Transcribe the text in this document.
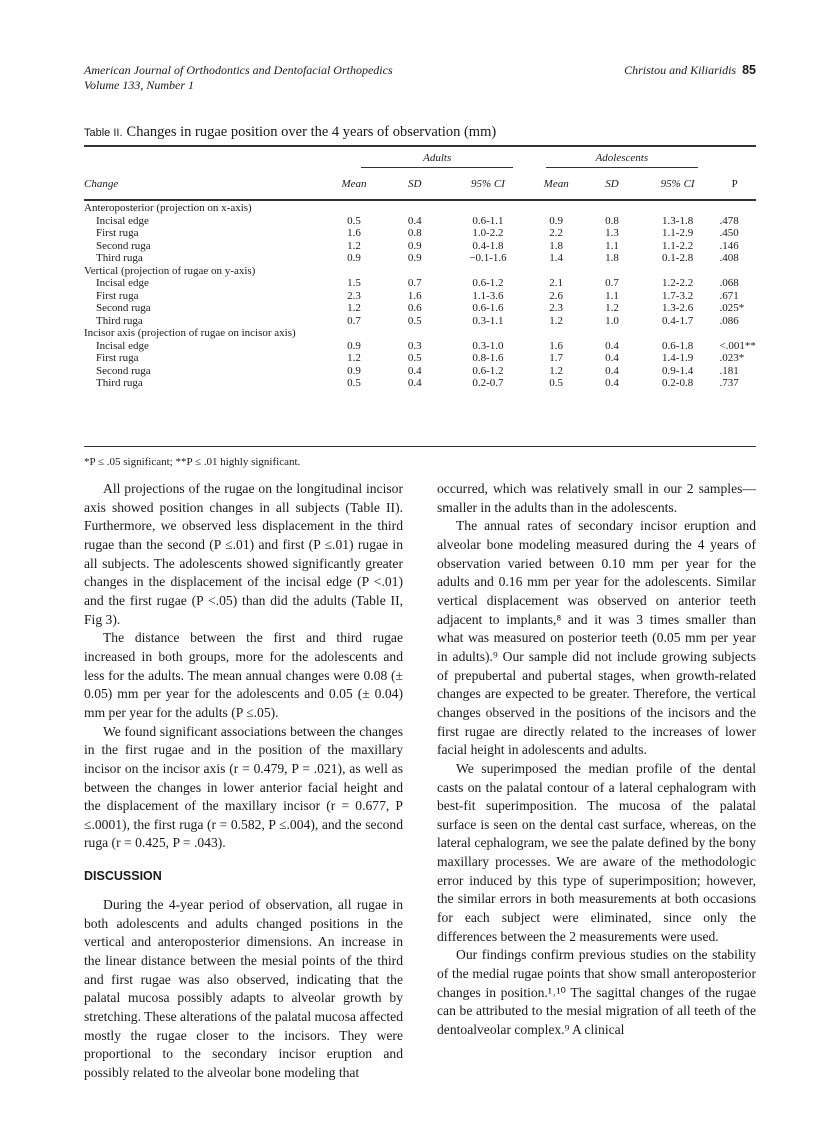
American Journal of Orthodontics and Dentofacial Orthopedics
Volume 133, Number 1
Christou and Kiliaridis 85
Table II. Changes in rugae position over the 4 years of observation (mm)
	Adults			Adolescents			
Change	Mean	SD	95% CI	Mean	SD	95% CI	P
Anteroposterior (projection on x-axis)							
Incisal edge	0.5	0.4	0.6-1.1	0.9	0.8	1.3-1.8	.478
First ruga	1.6	0.8	1.0-2.2	2.2	1.3	1.1-2.9	.450
Second ruga	1.2	0.9	0.4-1.8	1.8	1.1	1.1-2.2	.146
Third ruga	0.9	0.9	−0.1-1.6	1.4	1.8	0.1-2.8	.408
Vertical (projection of rugae on y-axis)							
Incisal edge	1.5	0.7	0.6-1.2	2.1	0.7	1.2-2.2	.068
First ruga	2.3	1.6	1.1-3.6	2.6	1.1	1.7-3.2	.671
Second ruga	1.2	0.6	0.6-1.6	2.3	1.2	1.3-2.6	.025*
Third ruga	0.7	0.5	0.3-1.1	1.2	1.0	0.4-1.7	.086
Incisor axis (projection of rugae on incisor axis)							
Incisal edge	0.9	0.3	0.3-1.0	1.6	0.4	0.6-1.8	<.001**
First ruga	1.2	0.5	0.8-1.6	1.7	0.4	1.4-1.9	.023*
Second ruga	0.9	0.4	0.6-1.2	1.2	0.4	0.9-1.4	.181
Third ruga	0.5	0.4	0.2-0.7	0.5	0.4	0.2-0.8	.737
*P ≤ .05 significant; **P ≤ .01 highly significant.

All projections of the rugae on the longitudinal incisor axis showed position changes in all subjects (Table II). Furthermore, we observed less displacement in the third rugae than the second (P ≤.01) and first (P ≤.01) rugae in all subjects. The adolescents showed significantly greater changes in the displacement of the incisal edge (P <.01) and the first rugae (P <.05) than did the adults (Table II, Fig 3).

The distance between the first and third rugae increased in both groups, more for the adolescents and less for the adults. The mean annual changes were 0.08 (± 0.05) mm per year for the adolescents and 0.05 (± 0.04) mm per year for the adults (P ≤.05).

We found significant associations between the changes in the first rugae and in the position of the maxillary incisor on the incisor axis (r = 0.479, P = .021), as well as between the changes in lower anterior facial height and the displacement of the maxillary incisor (r = 0.677, P ≤.0001), the first ruga (r = 0.582, P ≤.004), and the second ruga (r = 0.425, P = .043).

DISCUSSION

During the 4-year period of observation, all rugae in both adolescents and adults changed positions in the vertical and anteroposterior dimensions. An increase in the linear distance between the mesial points of the third and first rugae was also observed, indicating that the palatal mucosa possibly adapts to alveolar growth by stretching. These alterations of the palatal mucosa affected mostly the rugae closer to the incisors. They were proportional to the secondary incisor eruption and possibly related to the alveolar bone modeling that

occurred, which was relatively small in our 2 samples—smaller in the adults than in the adolescents.

The annual rates of secondary incisor eruption and alveolar bone modeling measured during the 4 years of observation varied between 0.10 mm per year for the adults and 0.16 mm per year for the adolescents. Similar vertical displacement was observed on anterior teeth adjacent to implants,⁸ and it was 3 times smaller than what was measured on posterior teeth (0.05 mm per year in adults).⁹ Our sample did not include growing subjects of prepubertal and pubertal stages, when growth-related changes are expected to be greater. Therefore, the vertical changes observed in the positions of the incisors and the first rugae are directly related to the increases of lower facial height in adolescents and adults.

We superimposed the median profile of the dental casts on the palatal contour of a lateral cephalogram with best-fit superimposition. The mucosa of the palatal surface is seen on the dental cast surface, whereas, on the lateral cephalogram, we see the palate defined by the bony maxillary processes. We are aware of the methodologic error induced by this type of superimposition; however, the similar errors in both measurements at both occasions for each subject were eliminated, since only the differences between the 2 measurements were used.

Our findings confirm previous studies on the stability of the medial rugae points that show small anteroposterior changes in position.¹˒¹⁰ The sagittal changes of the rugae can be attributed to the mesial migration of all teeth of the dentoalveolar complex.⁹ A clinical
